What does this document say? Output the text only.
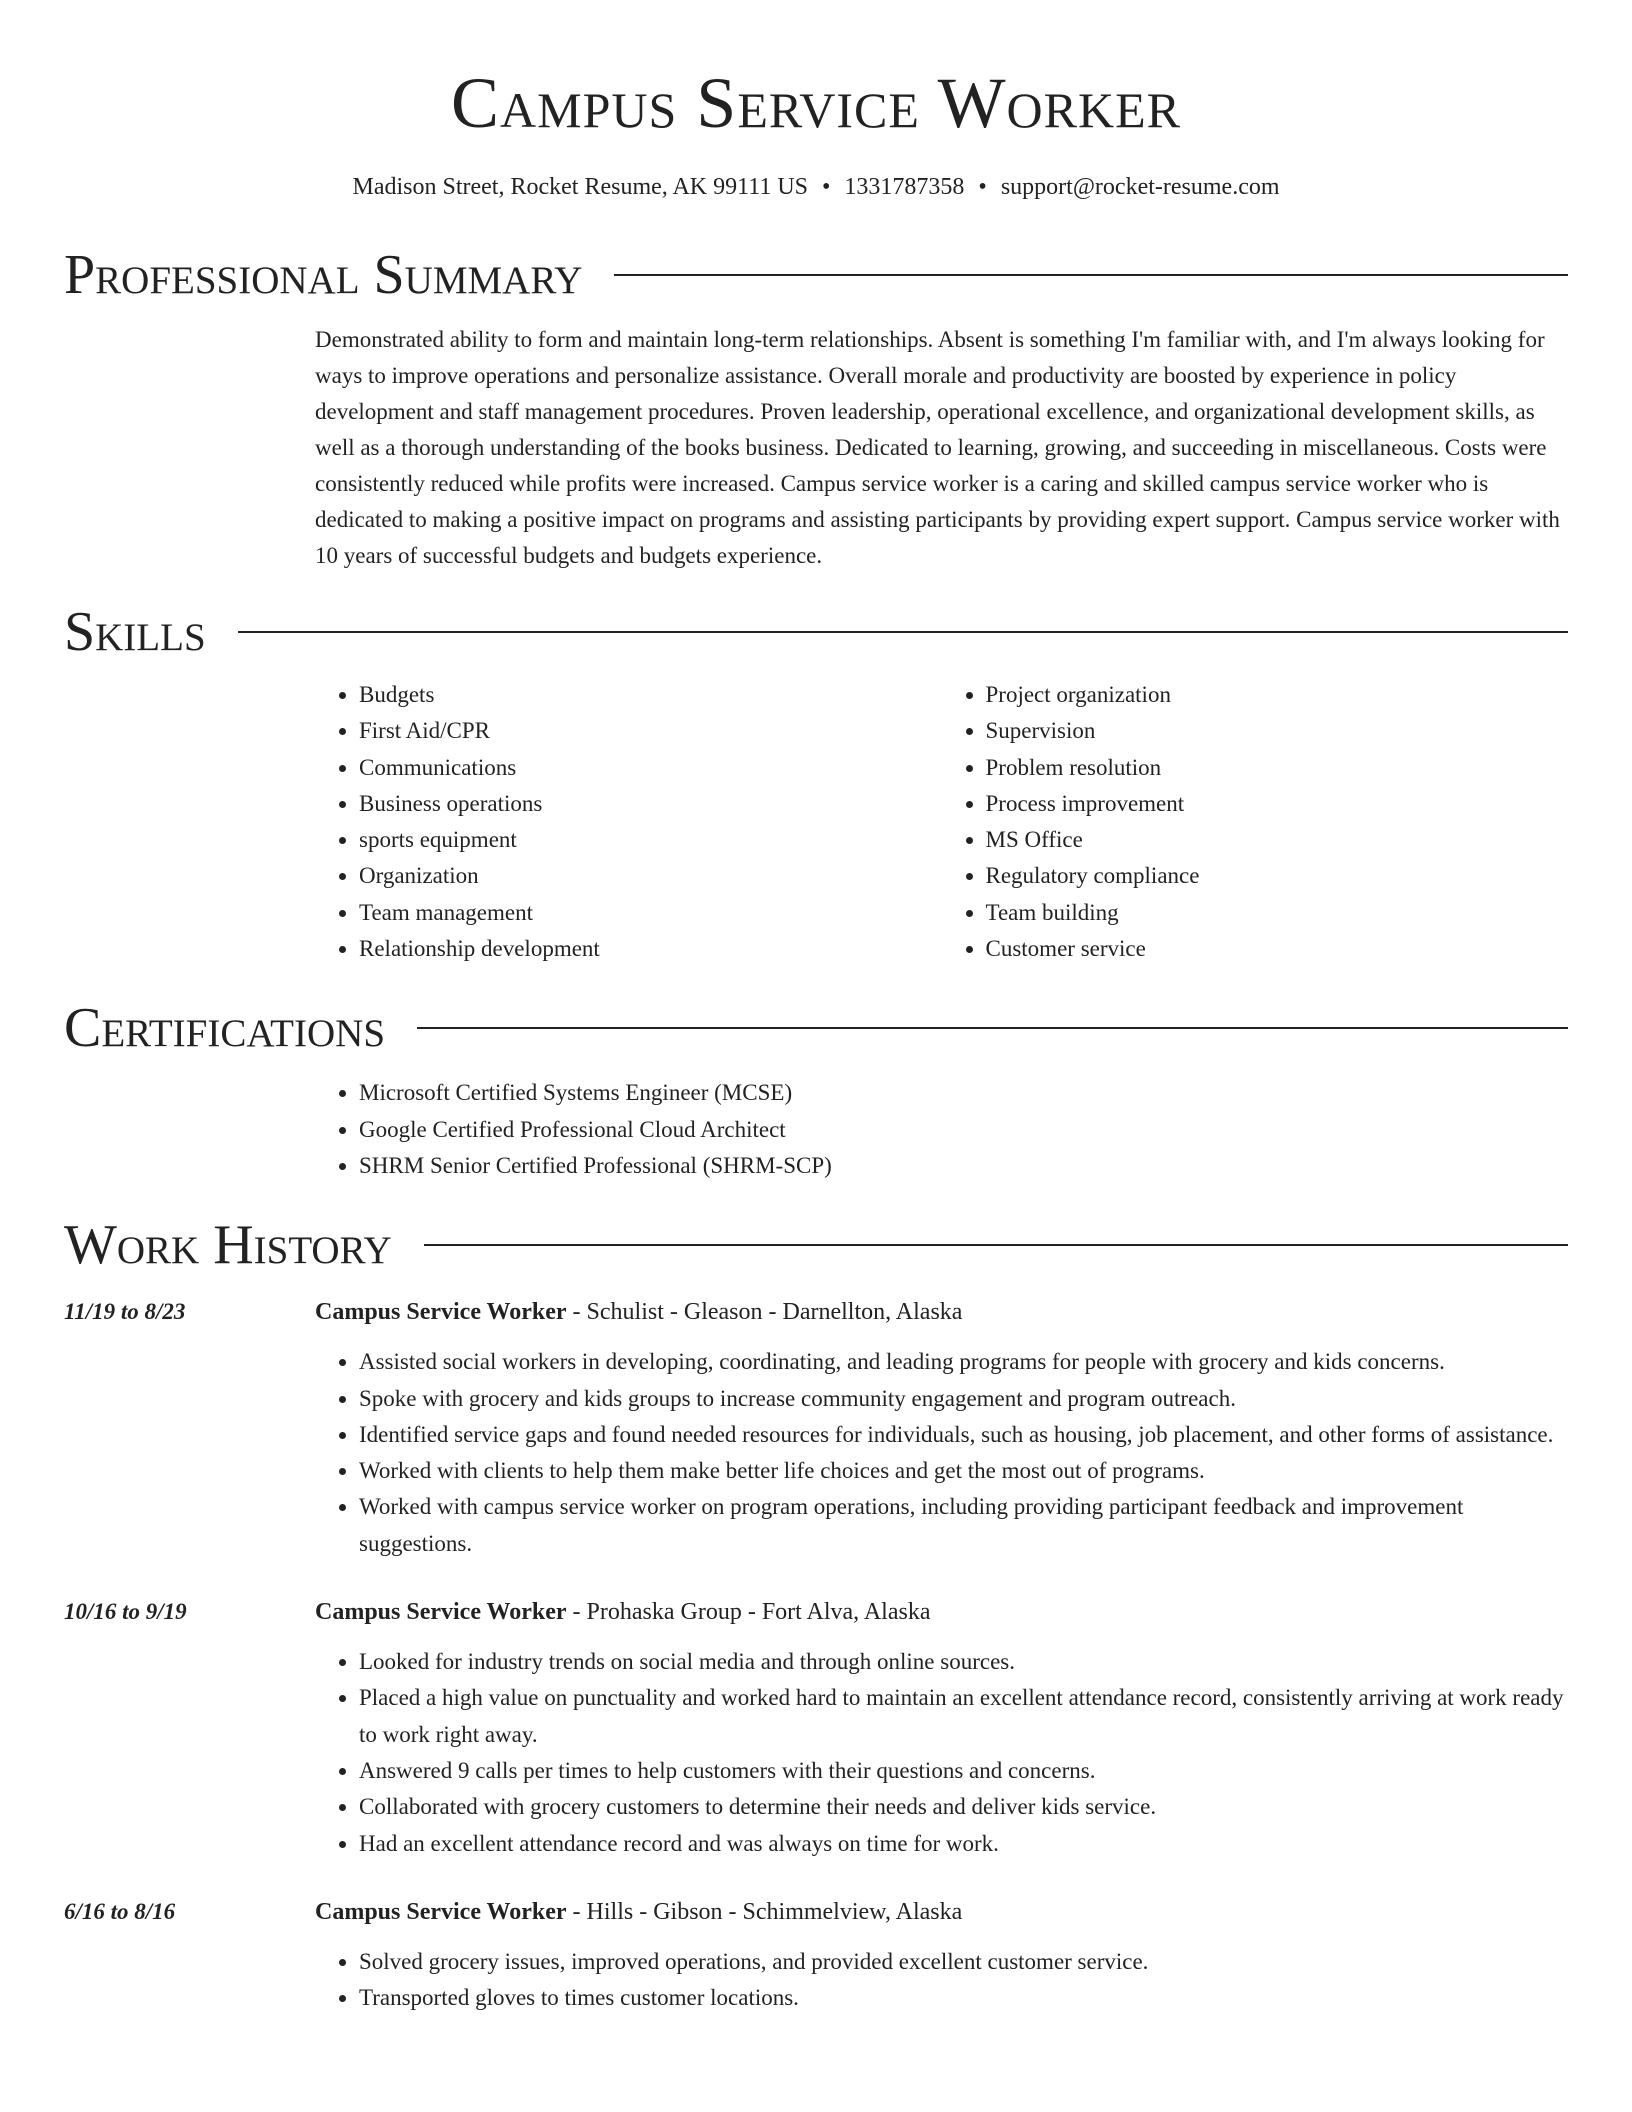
Campus Service Worker
Madison Street, Rocket Resume, AK 99111 US • 1331787358 • support@rocket-resume.com
Professional Summary

Demonstrated ability to form and maintain long-term relationships. Absent is something I'm familiar with, and I'm always looking for ways to improve operations and personalize assistance. Overall morale and productivity are boosted by experience in policy development and staff management procedures. Proven leadership, operational excellence, and organizational development skills, as well as a thorough understanding of the books business. Dedicated to learning, growing, and succeeding in miscellaneous. Costs were consistently reduced while profits were increased. Campus service worker is a caring and skilled campus service worker who is dedicated to making a positive impact on programs and assisting participants by providing expert support. Campus service worker with 10 years of successful budgets and budgets experience.

Skills
• Budgets
• First Aid/CPR
• Communications
• Business operations
• sports equipment
• Organization
• Team management
• Relationship development
• Project organization
• Supervision
• Problem resolution
• Process improvement
• MS Office
• Regulatory compliance
• Team building
• Customer service
Certifications
• Microsoft Certified Systems Engineer (MCSE)
• Google Certified Professional Cloud Architect
• SHRM Senior Certified Professional (SHRM-SCP)
Work History
11/19 to 8/23	Campus Service Worker - Schulist - Gleason - Darnellton, Alaska
• Assisted social workers in developing, coordinating, and leading programs for people with grocery and kids concerns.
• Spoke with grocery and kids groups to increase community engagement and program outreach.
• Identified service gaps and found needed resources for individuals, such as housing, job placement, and other forms of assistance.
• Worked with clients to help them make better life choices and get the most out of programs.
• Worked with campus service worker on program operations, including providing participant feedback and improvement suggestions.
10/16 to 9/19	Campus Service Worker - Prohaska Group - Fort Alva, Alaska
• Looked for industry trends on social media and through online sources.
• Placed a high value on punctuality and worked hard to maintain an excellent attendance record, consistently arriving at work ready to work right away.
• Answered 9 calls per times to help customers with their questions and concerns.
• Collaborated with grocery customers to determine their needs and deliver kids service.
• Had an excellent attendance record and was always on time for work.
6/16 to 8/16	Campus Service Worker - Hills - Gibson - Schimmelview, Alaska
• Solved grocery issues, improved operations, and provided excellent customer service.
• Transported gloves to times customer locations.
